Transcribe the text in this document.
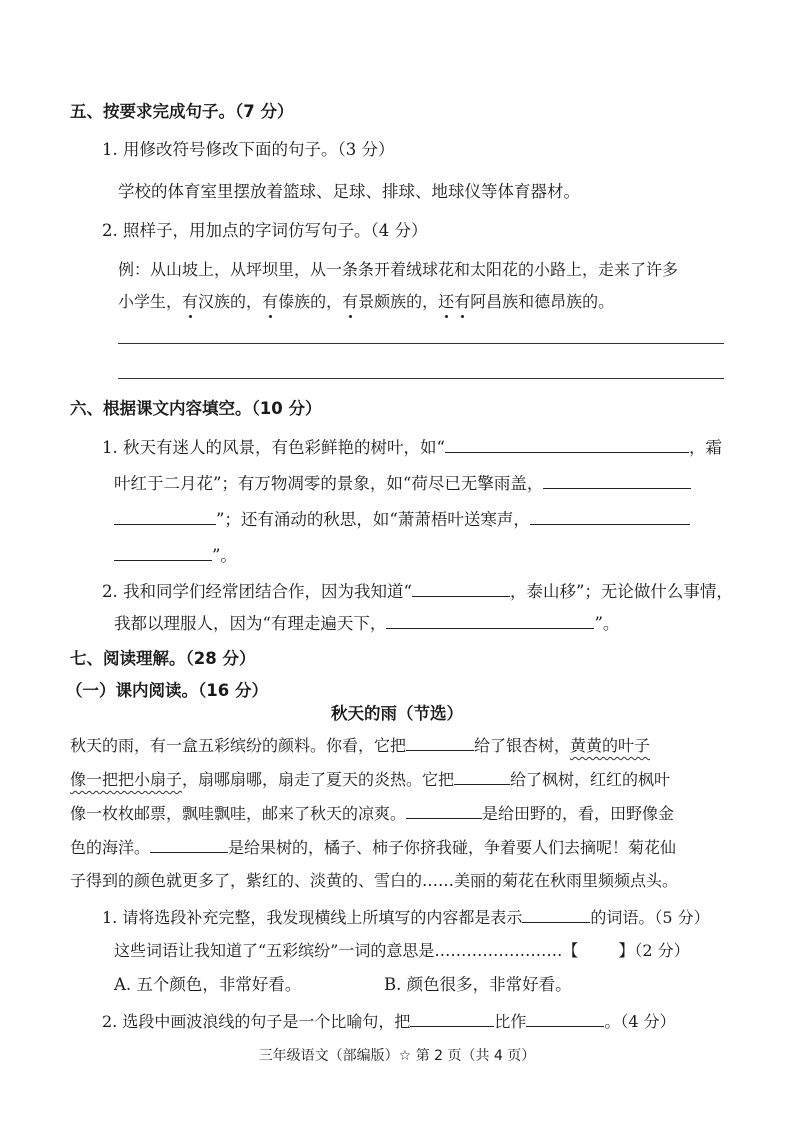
五、按要求完成句子。（7 分）
1. 用修改符号修改下面的句子。（3 分）
学校的体育室里摆放着篮球、足球、排球、地球仪等体育器材。
2. 照样子，用加点的字词仿写句子。（4 分）
例：从山坡上，从坪坝里，从一条条开着绒球花和太阳花的小路上，走来了许多
小学生，有汉族的，有傣族的，有景颇族的，还有阿昌族和德昂族的。
六、根据课文内容填空。（10 分）
1. 秋天有迷人的风景，有色彩鲜艳的树叶，如“	，霜
叶红于二月花”；有万物凋零的景象，如“荷尽已无擎雨盖，
”；还有涌动的秋思，如“萧萧梧叶送寒声，
”。
2. 我和同学们经常团结合作，因为我知道“	，泰山移”；无论做什么事情，
我都以理服人，因为“有理走遍天下，	”。
七、阅读理解。（28 分）
（一）课内阅读。（16 分）
秋天的雨（节选）
秋天的雨，有一盒五彩缤纷的颜料。你看，它把	给了银杏树，黄黄的叶子
像一把把小扇子，扇哪扇哪，扇走了夏天的炎热。它把	给了枫树，红红的枫叶
像一枚枚邮票，飘哇飘哇，邮来了秋天的凉爽。	是给田野的，看，田野像金
色的海洋。	是给果树的，橘子、柿子你挤我碰，争着要人们去摘呢！菊花仙
子得到的颜色就更多了，紫红的、淡黄的、雪白的……美丽的菊花在秋雨里频频点头。
1. 请将选段补充完整，我发现横线上所填写的内容都是表示	的词语。（5 分）
这些词语让我知道了“五彩缤纷”一词的意思是……………………【	】（2 分）
A. 五个颜色，非常好看。	B. 颜色很多，非常好看。
2. 选段中画波浪线的句子是一个比喻句，把	比作	。（4 分）
三年级语文（部编版）☆ 第 2 页（共 4 页）
